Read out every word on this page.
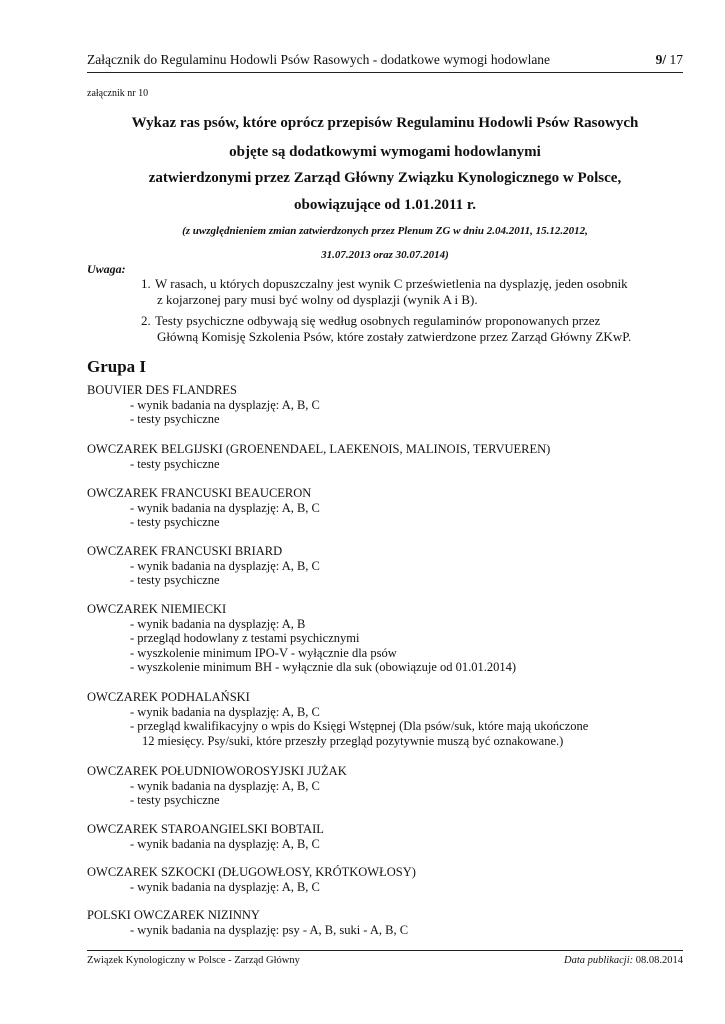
Załącznik do Regulaminu Hodowli Psów Rasowych - dodatkowe wymogi hodowlane	9/ 17
załącznik nr 10
Wykaz ras psów, które oprócz przepisów Regulaminu Hodowli Psów Rasowych
objęte są dodatkowymi wymogami hodowlanymi
zatwierdzonymi przez Zarząd Główny Związku Kynologicznego w Polsce,
obowiązujące od 1.01.2011 r.
(z uwzględnieniem zmian zatwierdzonych przez Plenum ZG w dniu 2.04.2011, 15.12.2012,
31.07.2013 oraz 30.07.2014)
Uwaga:
1. W rasach, u których dopuszczalny jest wynik C prześwietlenia na dysplazję, jeden osobnik
z kojarzonej pary musi być wolny od dysplazji (wynik A i B).
2. Testy psychiczne odbywają się według osobnych regulaminów proponowanych przez
Główną Komisję Szkolenia Psów, które zostały zatwierdzone przez Zarząd Główny ZKwP.
Grupa I
BOUVIER DES FLANDRES
- wynik badania na dysplazję: A, B, C
- testy psychiczne
OWCZAREK BELGIJSKI (GROENENDAEL, LAEKENOIS, MALINOIS, TERVUEREN)
- testy psychiczne
OWCZAREK FRANCUSKI BEAUCERON
- wynik badania na dysplazję: A, B, C
- testy psychiczne
OWCZAREK FRANCUSKI BRIARD
- wynik badania na dysplazję: A, B, C
- testy psychiczne
OWCZAREK NIEMIECKI
- wynik badania na dysplazję: A, B
- przegląd hodowlany z testami psychicznymi
- wyszkolenie minimum IPO-V - wyłącznie dla psów
- wyszkolenie minimum BH - wyłącznie dla suk (obowiązuje od 01.01.2014)
OWCZAREK PODHALAŃSKI
- wynik badania na dysplazję: A, B, C
- przegląd kwalifikacyjny o wpis do Księgi Wstępnej (Dla psów/suk, które mają ukończone
12 miesięcy. Psy/suki, które przeszły przegląd pozytywnie muszą być oznakowane.)
OWCZAREK POŁUDNIOWOROSYJSKI JUŻAK
- wynik badania na dysplazję: A, B, C
- testy psychiczne
OWCZAREK STAROANGIELSKI BOBTAIL
- wynik badania na dysplazję: A, B, C
OWCZAREK SZKOCKI (DŁUGOWŁOSY, KRÓTKOWŁOSY)
- wynik badania na dysplazję: A, B, C
POLSKI OWCZAREK NIZINNY
- wynik badania na dysplazję: psy - A, B, suki - A, B, C
Związek Kynologiczny w Polsce - Zarząd Główny	Data publikacji: 08.08.2014
